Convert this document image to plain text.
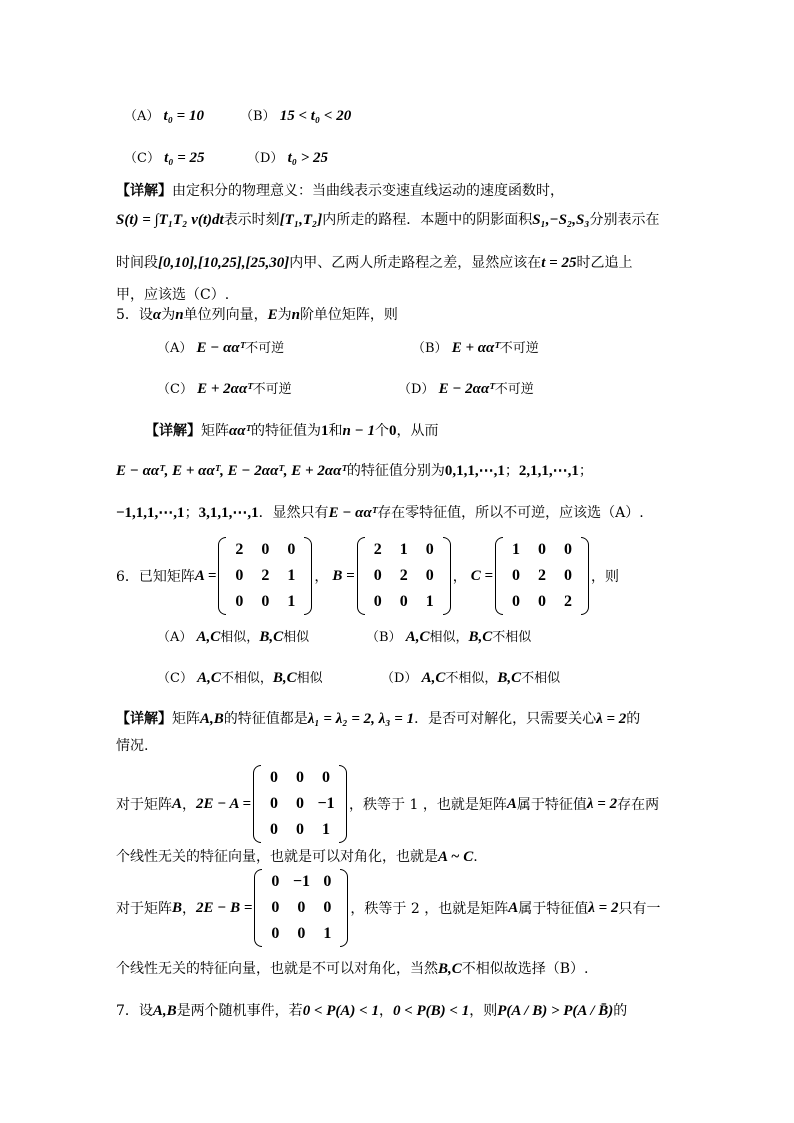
（A） t₀ = 10	（B） 15 < t₀ < 20
（C） t₀ = 25	（D） t₀ > 25
【详解】由定积分的物理意义：当曲线表示变速直线运动的速度函数时，
S(t) = ∫T₁T₂ v(t)dt表示时刻[T₁,T₂]内所走的路程．本题中的阴影面积S₁,−S₂,S₃分别表示在
时间段[0,10],[10,25],[25,30]内甲、乙两人所走路程之差，显然应该在t = 25时乙追上
甲，应该选（C）.
5．设α为n单位列向量，E为n阶单位矩阵，则
（A） E − ααᵀ不可逆	（B） E + ααᵀ不可逆
（C） E + 2ααᵀ不可逆	（D） E − 2ααᵀ不可逆
【详解】矩阵ααᵀ的特征值为1和n − 1个0，从而
E − ααᵀ, E + ααᵀ, E − 2ααᵀ, E + 2ααᵀ的特征值分别为0,1,1,⋯,1；2,1,1,⋯,1；
−1,1,1,⋯,1；3,1,1,⋯,1．显然只有E − ααᵀ存在零特征值，所以不可逆，应该选（A）.
6．已知矩阵 A =
2	0	0
0	2	1
0	0	1
， B =
2	1	0
0	2	0
0	0	1
， C =
1	0	0
0	2	0
0	0	2
，则
（A） A,C相似，B,C相似	（B） A,C相似，B,C不相似
（C） A,C不相似，B,C相似	（D） A,C不相似，B,C不相似
【详解】矩阵A,B的特征值都是λ₁ = λ₂ = 2, λ₃ = 1．是否可对解化，只需要关心λ = 2的
情况.
对于矩阵 A ， 2E − A =
0	0	0
0	0 −1
0	0	1
，秩等于 1 ，也就是矩阵 A 属于特征值 λ = 2 存在两
个线性无关的特征向量，也就是可以对角化，也就是A ~ C.
对于矩阵 B ， 2E − B =
0 −1 0
0	0	0
0	0	1
，秩等于 2 ，也就是矩阵 A 属于特征值 λ = 2 只有一
个线性无关的特征向量，也就是不可以对角化，当然B,C不相似故选择（B）.
7．设A,B是两个随机事件，若0 < P(A) < 1，0 < P(B) < 1，则P(A / B) > P(A / B̄)的
